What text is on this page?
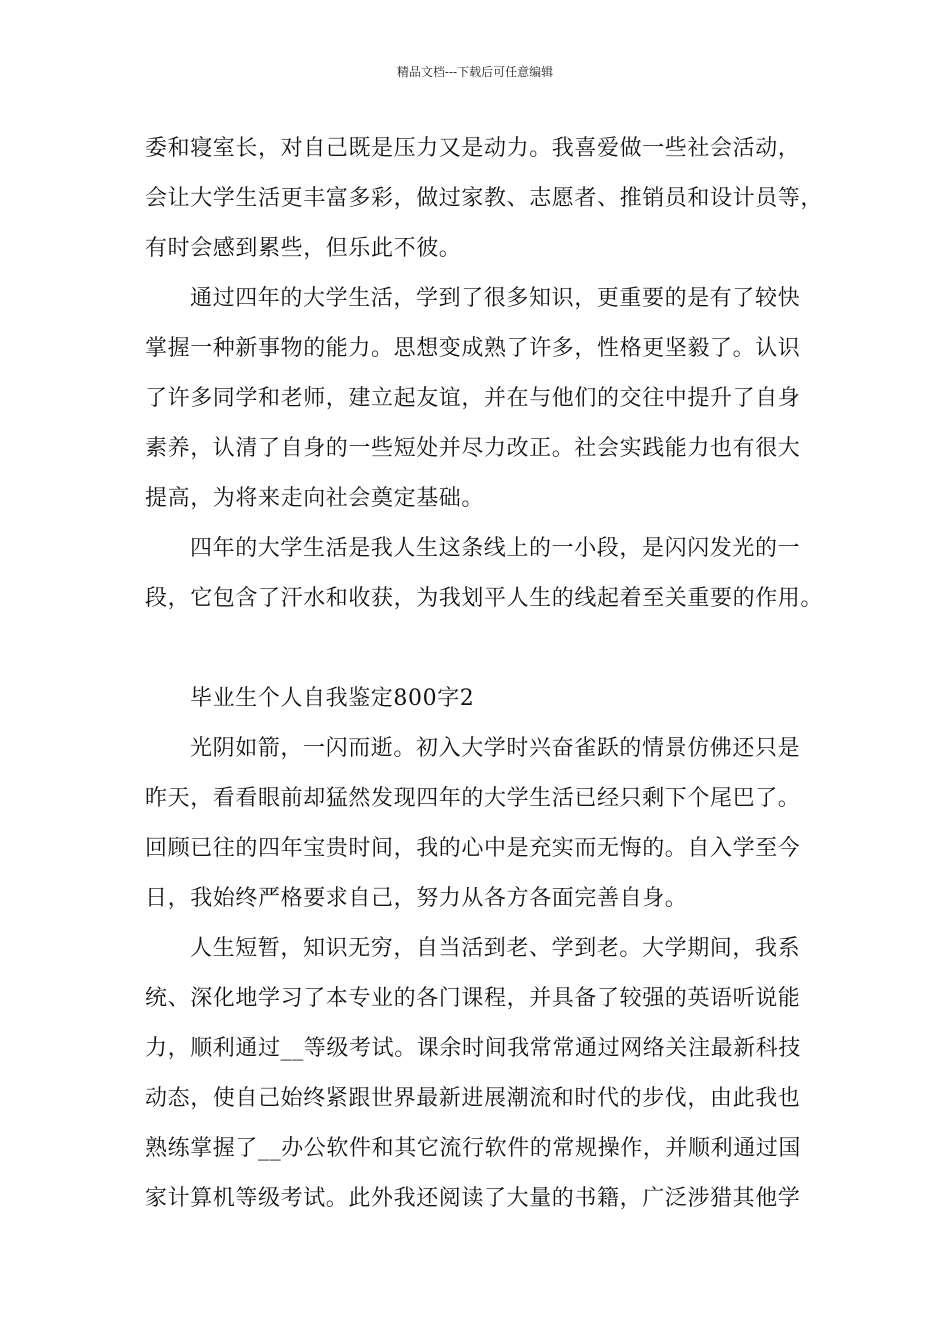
精品文档---下载后可任意编辑
委和寝室长，对自己既是压力又是动力。我喜爱做一些社会活动，
会让大学生活更丰富多彩，做过家教、志愿者、推销员和设计员等，
有时会感到累些，但乐此不彼。
通过四年的大学生活，学到了很多知识，更重要的是有了较快
掌握一种新事物的能力。思想变成熟了许多，性格更坚毅了。认识
了许多同学和老师，建立起友谊，并在与他们的交往中提升了自身
素养，认清了自身的一些短处并尽力改正。社会实践能力也有很大
提高，为将来走向社会奠定基础。
四年的大学生活是我人生这条线上的一小段，是闪闪发光的一
段，它包含了汗水和收获，为我划平人生的线起着至关重要的作用。
毕业生个人自我鉴定800字2
光阴如箭，一闪而逝。初入大学时兴奋雀跃的情景仿佛还只是
昨天，看看眼前却猛然发现四年的大学生活已经只剩下个尾巴了。
回顾已往的四年宝贵时间，我的心中是充实而无悔的。自入学至今
日，我始终严格要求自己，努力从各方各面完善自身。
人生短暂，知识无穷，自当活到老、学到老。大学期间，我系
统、深化地学习了本专业的各门课程，并具备了较强的英语听说能
力，顺利通过__等级考试。课余时间我常常通过网络关注最新科技
动态，使自己始终紧跟世界最新进展潮流和时代的步伐，由此我也
熟练掌握了__办公软件和其它流行软件的常规操作，并顺利通过国
家计算机等级考试。此外我还阅读了大量的书籍，广泛涉猎其他学
